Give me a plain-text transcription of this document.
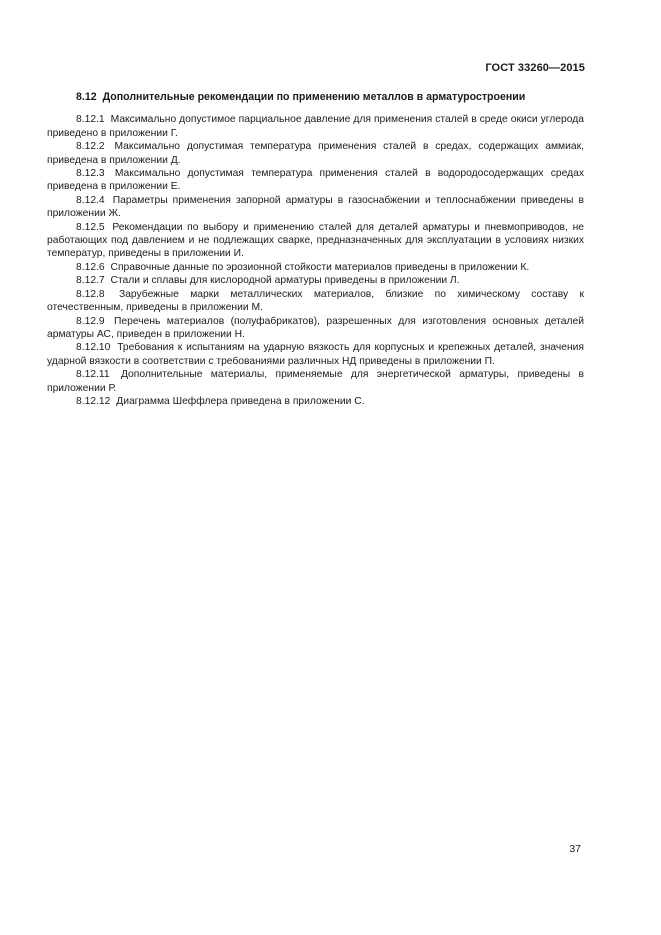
ГОСТ 33260—2015

8.12 Дополнительные рекомендации по применению металлов в арматуростроении

8.12.1 Максимально допустимое парциальное давление для применения сталей в среде окиси углерода приведено в приложении Г.

8.12.2 Максимально допустимая температура применения сталей в средах, содержащих аммиак, приведена в приложении Д.

8.12.3 Максимально допустимая температура применения сталей в водородосодержащих средах приведена в приложении Е.

8.12.4 Параметры применения запорной арматуры в газоснабжении и теплоснабжении приведены в приложении Ж.

8.12.5 Рекомендации по выбору и применению сталей для деталей арматуры и пневмоприводов, не работающих под давлением и не подлежащих сварке, предназначенных для эксплуатации в условиях низких температур, приведены в приложении И.

8.12.6 Справочные данные по эрозионной стойкости материалов приведены в приложении К.

8.12.7 Стали и сплавы для кислородной арматуры приведены в приложении Л.

8.12.8 Зарубежные марки металлических материалов, близкие по химическому составу к отечественным, приведены в приложении М.

8.12.9 Перечень материалов (полуфабрикатов), разрешенных для изготовления основных деталей арматуры АС, приведен в приложении Н.

8.12.10 Требования к испытаниям на ударную вязкость для корпусных и крепежных деталей, значения ударной вязкости в соответствии с требованиями различных НД приведены в приложении П.

8.12.11 Дополнительные материалы, применяемые для энергетической арматуры, приведены в приложении Р.

8.12.12 Диаграмма Шеффлера приведена в приложении С.

37
